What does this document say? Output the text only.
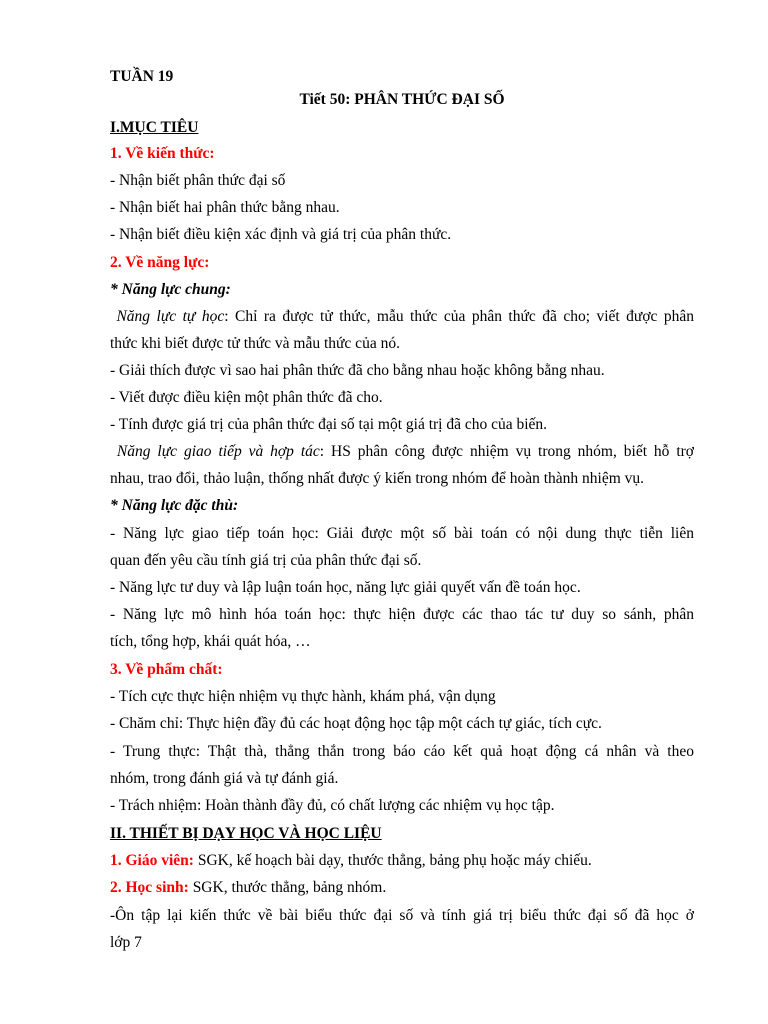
TUẦN 19
Tiết 50: PHÂN THỨC ĐẠI SỐ
I.MỤC TIÊU
1. Về kiến thức:
- Nhận biết phân thức đại số
- Nhận biết hai phân thức bằng nhau.
- Nhận biết điều kiện xác định và giá trị của phân thức.
2. Về năng lực:
* Năng lực chung:
Năng lực tự học: Chỉ ra được tử thức, mẫu thức của phân thức đã cho; viết được phân
thức khi biết được tử thức và mẫu thức của nó.
- Giải thích được vì sao hai phân thức đã cho bằng nhau hoặc không bằng nhau.
- Viết được điều kiện một phân thức đã cho.
- Tính được giá trị của phân thức đại số tại một giá trị đã cho của biến.
Năng lực giao tiếp và hợp tác: HS phân công được nhiệm vụ trong nhóm, biết hỗ trợ
nhau, trao đổi, thảo luận, thống nhất được ý kiến trong nhóm để hoàn thành nhiệm vụ.
* Năng lực đặc thù:
- Năng lực giao tiếp toán học: Giải được một số bài toán có nội dung thực tiễn liên
quan đến yêu cầu tính giá trị của phân thức đại số.
- Năng lực tư duy và lập luận toán học, năng lực giải quyết vấn đề toán học.
- Năng lực mô hình hóa toán học: thực hiện được các thao tác tư duy so sánh, phân
tích, tổng hợp, khái quát hóa, …
3. Về phẩm chất:
- Tích cực thực hiện nhiệm vụ thực hành, khám phá, vận dụng
- Chăm chỉ: Thực hiện đầy đủ các hoạt động học tập một cách tự giác, tích cực.
- Trung thực: Thật thà, thẳng thắn trong báo cáo kết quả hoạt động cá nhân và theo
nhóm, trong đánh giá và tự đánh giá.
- Trách nhiệm: Hoàn thành đầy đủ, có chất lượng các nhiệm vụ học tập.
II. THIẾT BỊ DẠY HỌC VÀ HỌC LIỆU
1. Giáo viên: SGK, kế hoạch bài dạy, thước thẳng, bảng phụ hoặc máy chiếu.
2. Học sinh: SGK, thước thẳng, bảng nhóm.
-Ôn tập lại kiến thức về bài biểu thức đại số và tính giá trị biểu thức đại số đã học ở
lớp 7
